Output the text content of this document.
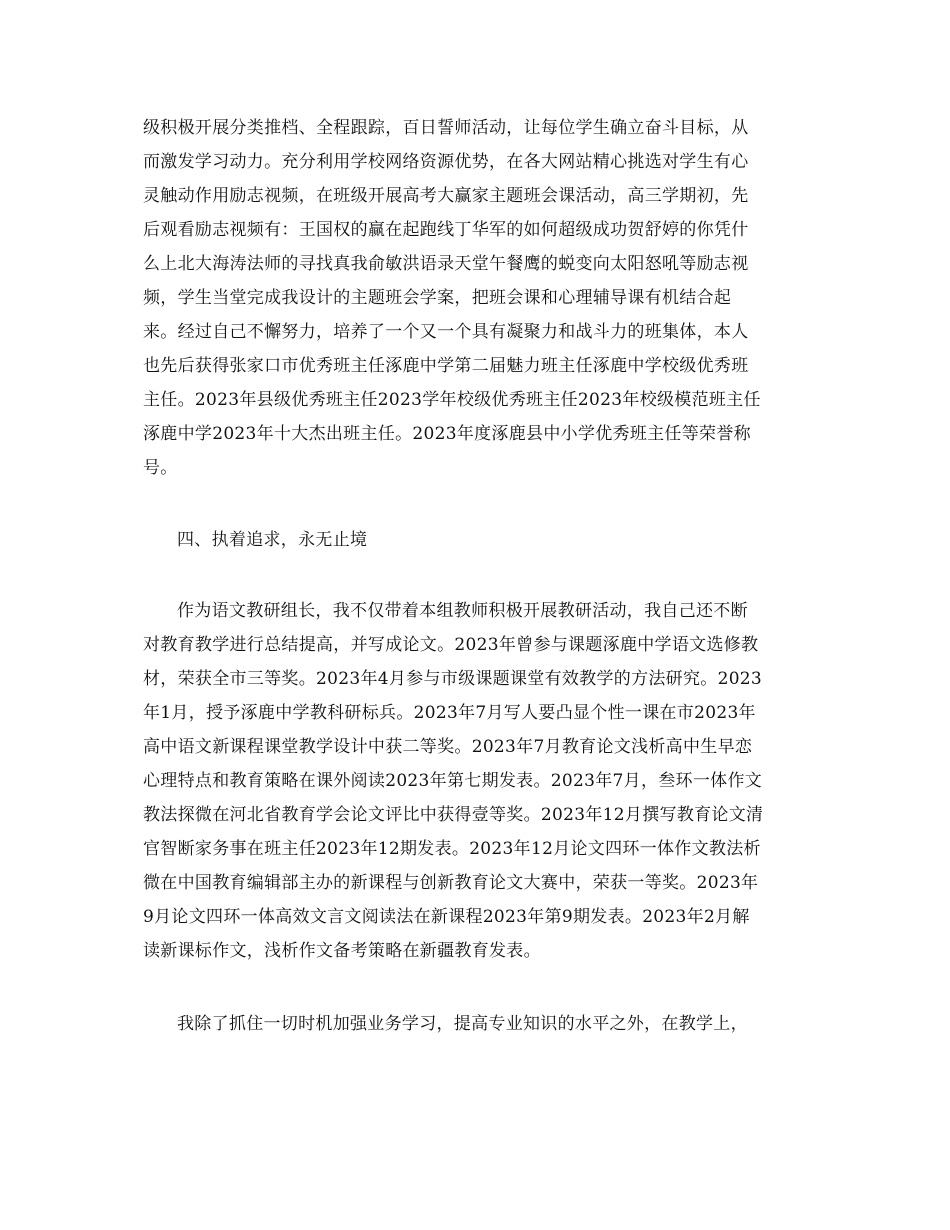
级积极开展分类推档、全程跟踪，百日誓师活动，让每位学生确立奋斗目标，从
而激发学习动力。充分利用学校网络资源优势，在各大网站精心挑选对学生有心
灵触动作用励志视频，在班级开展高考大赢家主题班会课活动，高三学期初，先
后观看励志视频有：王国权的赢在起跑线丁华军的如何超级成功贺舒婷的你凭什
么上北大海涛法师的寻找真我俞敏洪语录天堂午餐鹰的蜕变向太阳怒吼等励志视
频，学生当堂完成我设计的主题班会学案，把班会课和心理辅导课有机结合起
来。经过自己不懈努力，培养了一个又一个具有凝聚力和战斗力的班集体，本人
也先后获得张家口市优秀班主任涿鹿中学第二届魅力班主任涿鹿中学校级优秀班
主任。2023年县级优秀班主任2023学年校级优秀班主任2023年校级模范班主任
涿鹿中学2023年十大杰出班主任。2023年度涿鹿县中小学优秀班主任等荣誉称
号。
四、执着追求，永无止境
作为语文教研组长，我不仅带着本组教师积极开展教研活动，我自己还不断
对教育教学进行总结提高，并写成论文。2023年曾参与课题涿鹿中学语文选修教
材，荣获全市三等奖。2023年4月参与市级课题课堂有效教学的方法研究。2023
年1月，授予涿鹿中学教科研标兵。2023年7月写人要凸显个性一课在市2023年
高中语文新课程课堂教学设计中获二等奖。2023年7月教育论文浅析高中生早恋
心理特点和教育策略在课外阅读2023年第七期发表。2023年7月，叁环一体作文
教法探微在河北省教育学会论文评比中获得壹等奖。2023年12月撰写教育论文清
官智断家务事在班主任2023年12期发表。2023年12月论文四环一体作文教法析
微在中国教育编辑部主办的新课程与创新教育论文大赛中，荣获一等奖。2023年
9月论文四环一体高效文言文阅读法在新课程2023年第9期发表。2023年2月解
读新课标作文，浅析作文备考策略在新疆教育发表。
我除了抓住一切时机加强业务学习，提高专业知识的水平之外，在教学上，
